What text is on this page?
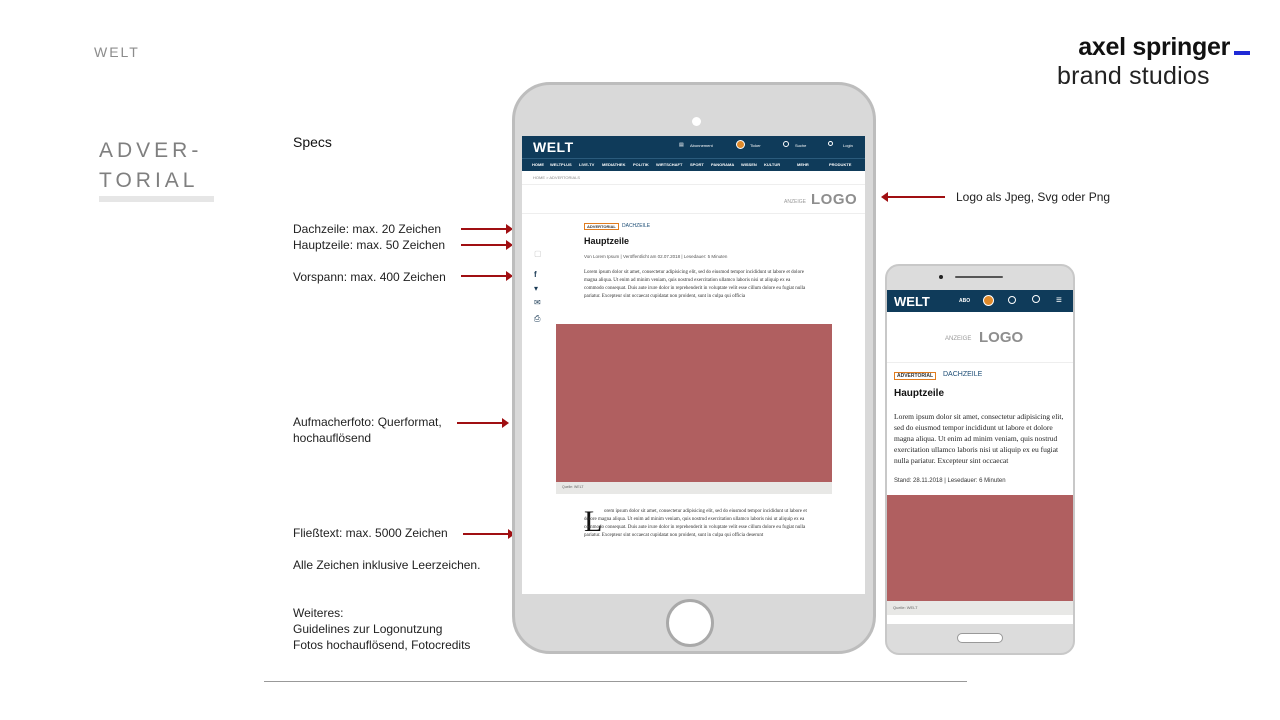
WELT
ADVER-
TORIAL
axel springer
brand studios
Specs
Dachzeile: max. 20 Zeichen
Hauptzeile: max. 50 Zeichen
Vorspann: max. 400 Zeichen
Aufmacherfoto: Querformat,
hochauflösend
Fließtext: max. 5000 Zeichen
Alle Zeichen inklusive Leerzeichen.
Weiteres:
Guidelines zur Logonutzung
Fotos hochauflösend, Fotocredits
Logo als Jpeg, Svg oder Png
WELT	▤ Abonnement	Ticker	Suche	Login
HOME WELTPLUS LIVE-TV MEDIATHEK POLITIK WIRTSCHAFT SPORT PANORAMA WISSEN KULTUR	MEHR	PRODUKTE
HOME > ADVERTORIALS
ANZEIGE LOGO
ADVERTORIAL	DACHZEILE
Hauptzeile
Von Lorem Ipsum | Veröffentlicht am 02.07.2018 | Lesedauer: 5 Minuten
Lorem ipsum dolor sit amet, consectetur adipisicing elit, sed do eiusmod tempor incididunt ut labore et dolore magna aliqua. Ut enim ad minim veniam, quis nostrud exercitation ullamco laboris nisi ut aliquip ex ea commodo consequat. Duis aute irure dolor in reprehenderit in voluptate velit esse cillum dolore eu fugiat nulla pariatur. Excepteur sint occaecat cupidatat non proident, sunt in culpa qui officia
▢
f
▾
✉
⎙
Quelle: WELT
L orem ipsum dolor sit amet, consectetur adipisicing elit, sed do eiusmod tempor incididunt ut labore et dolore magna aliqua. Ut enim ad minim veniam, quis nostrud exercitation ullamco laboris nisi ut aliquip ex ea commodo consequat. Duis aute irure dolor in reprehenderit in voluptate velit esse cillum dolore eu fugiat nulla pariatur. Excepteur sint occaecat cupidatat non proident, sunt in culpa qui officia deserunt
WELT	ABO	≡
ANZEIGE LOGO
ADVERTORIAL	DACHZEILE
Hauptzeile
Lorem ipsum dolor sit amet, consectetur adipisicing elit, sed do eiusmod tempor incididunt ut labore et dolore magna aliqua. Ut enim ad minim veniam, quis nostrud exercitation ullamco laboris nisi ut aliquip ex eu fugiat nulla pariatur. Excepteur sint occaecat
Stand: 28.11.2018 | Lesedauer: 6 Minuten
Quelle: WELT
